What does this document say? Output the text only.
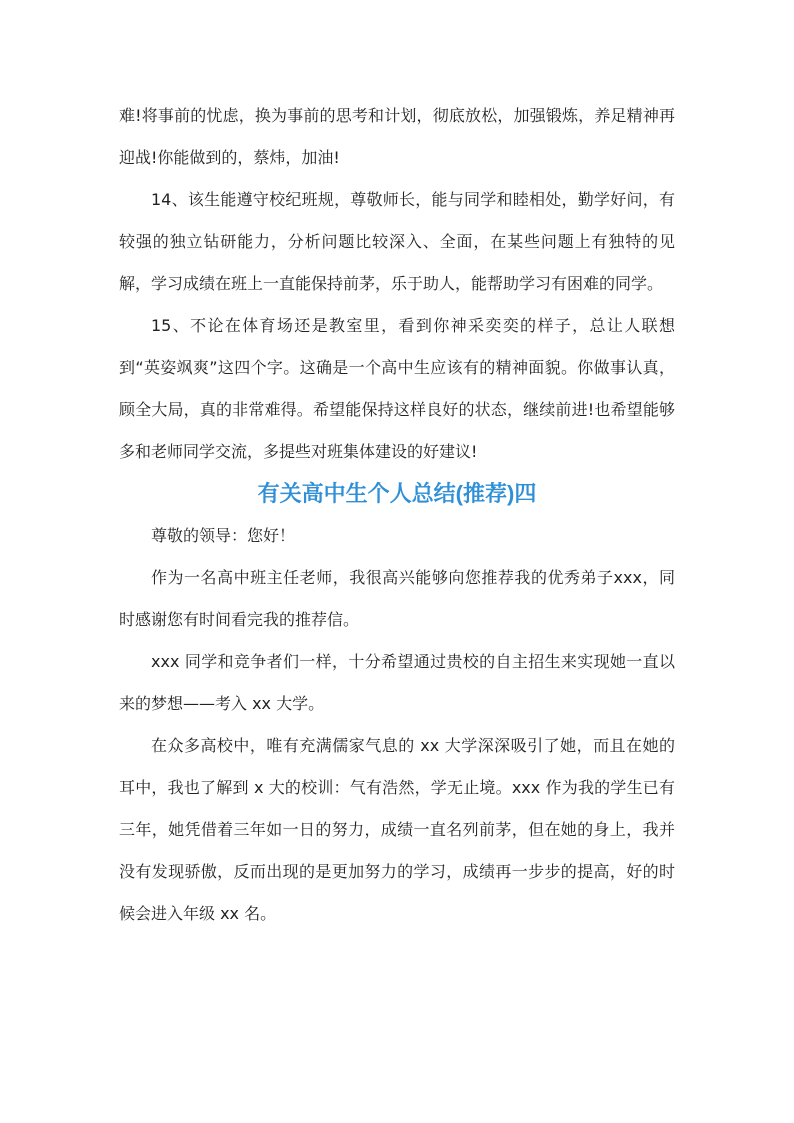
难!将事前的忧虑，换为事前的思考和计划，彻底放松，加强锻炼，养足精神再迎战!你能做到的，蔡炜，加油!

14、该生能遵守校纪班规，尊敬师长，能与同学和睦相处，勤学好问，有较强的独立钻研能力，分析问题比较深入、全面，在某些问题上有独特的见解，学习成绩在班上一直能保持前茅，乐于助人，能帮助学习有困难的同学。

15、不论在体育场还是教室里，看到你神采奕奕的样子，总让人联想到“英姿飒爽”这四个字。这确是一个高中生应该有的精神面貌。你做事认真，顾全大局，真的非常难得。希望能保持这样良好的状态，继续前进!也希望能够多和老师同学交流，多提些对班集体建设的好建议!

有关高中生个人总结(推荐)四

尊敬的领导：您好！

作为一名高中班主任老师，我很高兴能够向您推荐我的优秀弟子xxx，同时感谢您有时间看完我的推荐信。

xxx 同学和竞争者们一样，十分希望通过贵校的自主招生来实现她一直以来的梦想——考入 xx 大学。

在众多高校中，唯有充满儒家气息的 xx 大学深深吸引了她，而且在她的耳中，我也了解到 x 大的校训：气有浩然，学无止境。xxx 作为我的学生已有三年，她凭借着三年如一日的努力，成绩一直名列前茅，但在她的身上，我并没有发现骄傲，反而出现的是更加努力的学习，成绩再一步步的提高，好的时候会进入年级 xx 名。
